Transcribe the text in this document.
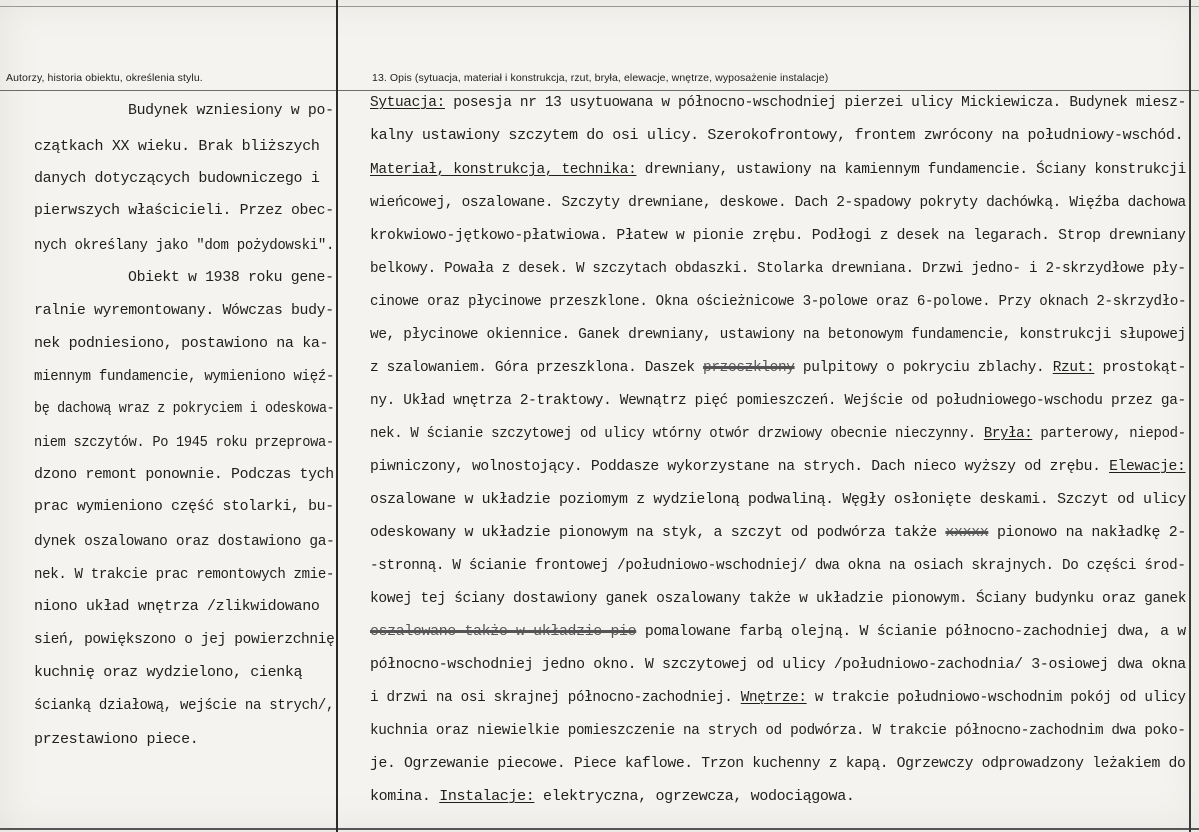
Autorzy, historia obiektu, określenia stylu.	13. Opis (sytuacja, materiał i konstrukcja, rzut, bryła, elewacje, wnętrze, wyposażenie instalacje)
Budynek wzniesiony w po-
czątkach XX wieku. Brak bliższych
danych dotyczących budowniczego i
pierwszych właścicieli. Przez obec-
nych określany jako "dom pożydowski".
Obiekt w 1938 roku gene-
ralnie wyremontowany. Wówczas budy-
nek podniesiono, postawiono na ka-
miennym fundamencie, wymieniono więź-
bę dachową wraz z pokryciem i odeskowa-
niem szczytów. Po 1945 roku przeprowa-
dzono remont ponownie. Podczas tych
prac wymieniono część stolarki, bu-
dynek oszalowano oraz dostawiono ga-
nek. W trakcie prac remontowych zmie-
niono układ wnętrza /zlikwidowano
sień, powiększono o jej powierzchnię
kuchnię oraz wydzielono, cienką
ścianką działową, wejście na strych/,
przestawiono piece.
Sytuacja: posesja nr 13 usytuowana w północno-wschodniej pierzei ulicy Mickiewicza. Budynek miesz-
kalny ustawiony szczytem do osi ulicy. Szerokofrontowy, frontem zwrócony na południowy-wschód.
Materiał, konstrukcja, technika: drewniany, ustawiony na kamiennym fundamencie. Ściany konstrukcji
wieńcowej, oszalowane. Szczyty drewniane, deskowe. Dach 2-spadowy pokryty dachówką. Więźba dachowa
krokwiowo-jętkowo-płatwiowa. Płatew w pionie zrębu. Podłogi z desek na legarach. Strop drewniany
belkowy. Powała z desek. W szczytach obdaszki. Stolarka drewniana. Drzwi jedno- i 2-skrzydłowe pły-
cinowe oraz płycinowe przeszklone. Okna ościeżnicowe 3-polowe oraz 6-polowe. Przy oknach 2-skrzydło-
we, płycinowe okiennice. Ganek drewniany, ustawiony na betonowym fundamencie, konstrukcji słupowej
z szalowaniem. Góra przeszklona. Daszek przeszklony pulpitowy o pokryciu zblachy. Rzut: prostokąt-
ny. Układ wnętrza 2-traktowy. Wewnątrz pięć pomieszczeń. Wejście od południowego-wschodu przez ga-
nek. W ścianie szczytowej od ulicy wtórny otwór drzwiowy obecnie nieczynny. Bryła: parterowy, niepod-
piwniczony, wolnostojący. Poddasze wykorzystane na strych. Dach nieco wyższy od zrębu. Elewacje:
oszalowane w układzie poziomym z wydzieloną podwaliną. Węgły osłonięte deskami. Szczyt od ulicy
odeskowany w układzie pionowym na styk, a szczyt od podwórza także xxxxx pionowo na nakładkę 2-
-stronną. W ścianie frontowej /południowo-wschodniej/ dwa okna na osiach skrajnych. Do części środ-
kowej tej ściany dostawiony ganek oszalowany także w układzie pionowym. Ściany budynku oraz ganek
oszalowane także w układzie pio pomalowane farbą olejną. W ścianie północno-zachodniej dwa, a w
północno-wschodniej jedno okno. W szczytowej od ulicy /południowo-zachodnia/ 3-osiowej dwa okna
i drzwi na osi skrajnej północno-zachodniej. Wnętrze: w trakcie południowo-wschodnim pokój od ulicy
kuchnia oraz niewielkie pomieszczenie na strych od podwórza. W trakcie północno-zachodnim dwa poko-
je. Ogrzewanie piecowe. Piece kaflowe. Trzon kuchenny z kapą. Ogrzewczy odprowadzony leżakiem do
komina. Instalacje: elektryczna, ogrzewcza, wodociągowa.
